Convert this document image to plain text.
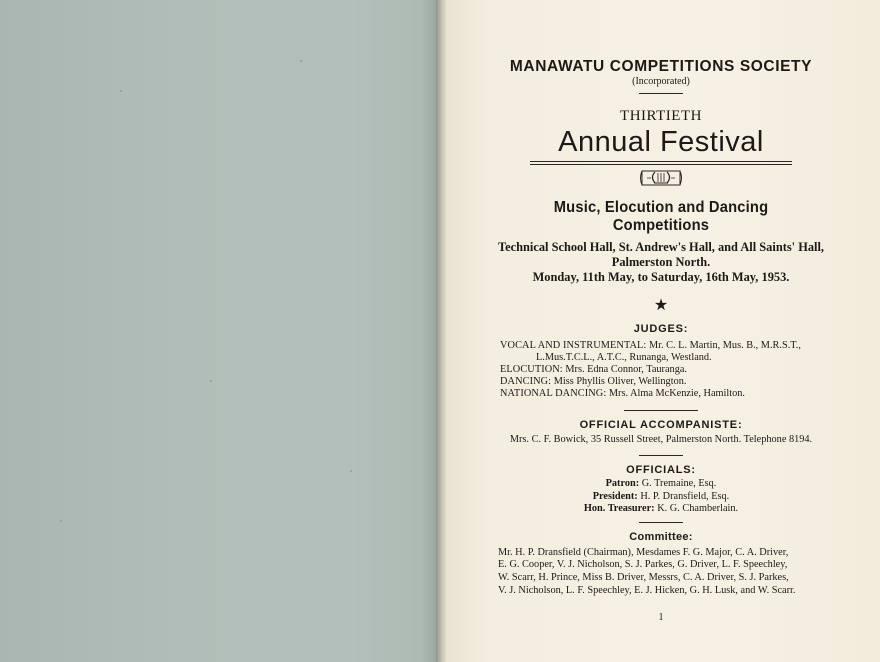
MANAWATU COMPETITIONS SOCIETY
(Incorporated)
THIRTIETH
Annual Festival
Music, Elocution and Dancing Competitions
Technical School Hall, St. Andrew's Hall, and All Saints' Hall,
Palmerston North.
Monday, 11th May, to Saturday, 16th May, 1953.
★
JUDGES:
VOCAL AND INSTRUMENTAL: Mr. C. L. Martin, Mus. B., M.R.S.T.,
L.Mus.T.C.L., A.T.C., Runanga, Westland.
ELOCUTION: Mrs. Edna Connor, Tauranga.
DANCING: Miss Phyllis Oliver, Wellington.
NATIONAL DANCING: Mrs. Alma McKenzie, Hamilton.
OFFICIAL ACCOMPANISTE:
Mrs. C. F. Bowick, 35 Russell Street, Palmerston North. Telephone 8194.
OFFICIALS:
Patron: G. Tremaine, Esq.
President: H. P. Dransfield, Esq.
Hon. Treasurer: K. G. Chamberlain.
Committee:
Mr. H. P. Dransfield (Chairman), Mesdames F. G. Major, C. A. Driver,
E. G. Cooper, V. J. Nicholson, S. J. Parkes, G. Driver, L. F. Speechley,
W. Scarr, H. Prince, Miss B. Driver, Messrs, C. A. Driver, S. J. Parkes,
V. J. Nicholson, L. F. Speechley, E. J. Hicken, G. H. Lusk, and W. Scarr.
1
